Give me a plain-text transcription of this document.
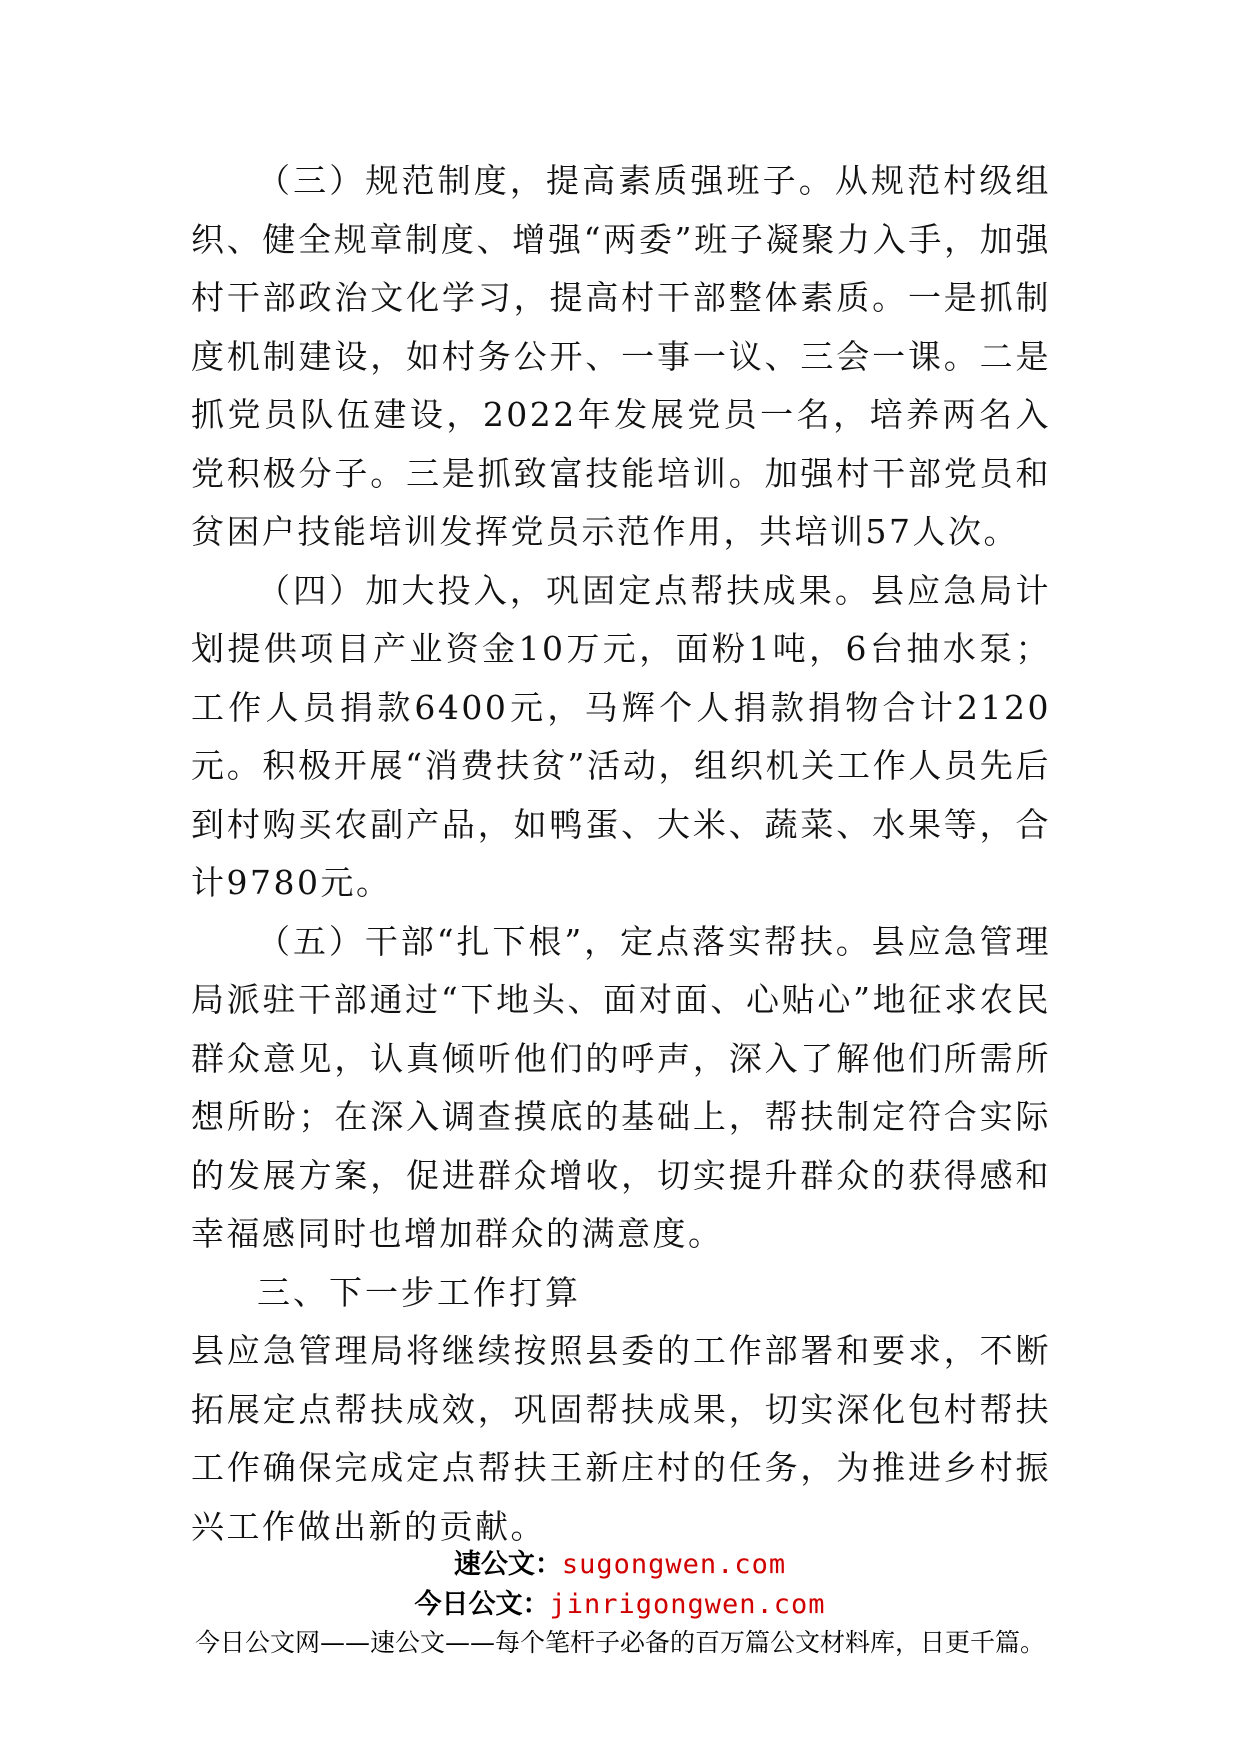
（三）规范制度，提高素质强班子。从规范村级组织、健全规章制度、增强“两委”班子凝聚力入手，加强村干部政治文化学习，提高村干部整体素质。一是抓制度机制建设，如村务公开、一事一议、三会一课。二是抓党员队伍建设，2022年发展党员一名，培养两名入党积极分子。三是抓致富技能培训。加强村干部党员和贫困户技能培训发挥党员示范作用，共培训57人次。

（四）加大投入，巩固定点帮扶成果。县应急局计划提供项目产业资金10万元，面粉1吨，6台抽水泵；工作人员捐款6400元，马辉个人捐款捐物合计2120元。积极开展“消费扶贫”活动，组织机关工作人员先后到村购买农副产品，如鸭蛋、大米、蔬菜、水果等，合计9780元。

（五）干部“扎下根”，定点落实帮扶。县应急管理局派驻干部通过“下地头、面对面、心贴心”地征求农民群众意见，认真倾听他们的呼声，深入了解他们所需所想所盼；在深入调查摸底的基础上，帮扶制定符合实际的发展方案，促进群众增收，切实提升群众的获得感和幸福感同时也增加群众的满意度。

三、下一步工作打算

县应急管理局将继续按照县委的工作部署和要求，不断拓展定点帮扶成效，巩固帮扶成果，切实深化包村帮扶工作确保完成定点帮扶王新庄村的任务，为推进乡村振兴工作做出新的贡献。

速公文：sugongwen.com
今日公文：jinrigongwen.com
今日公文网——速公文——每个笔杆子必备的百万篇公文材料库，日更千篇。
